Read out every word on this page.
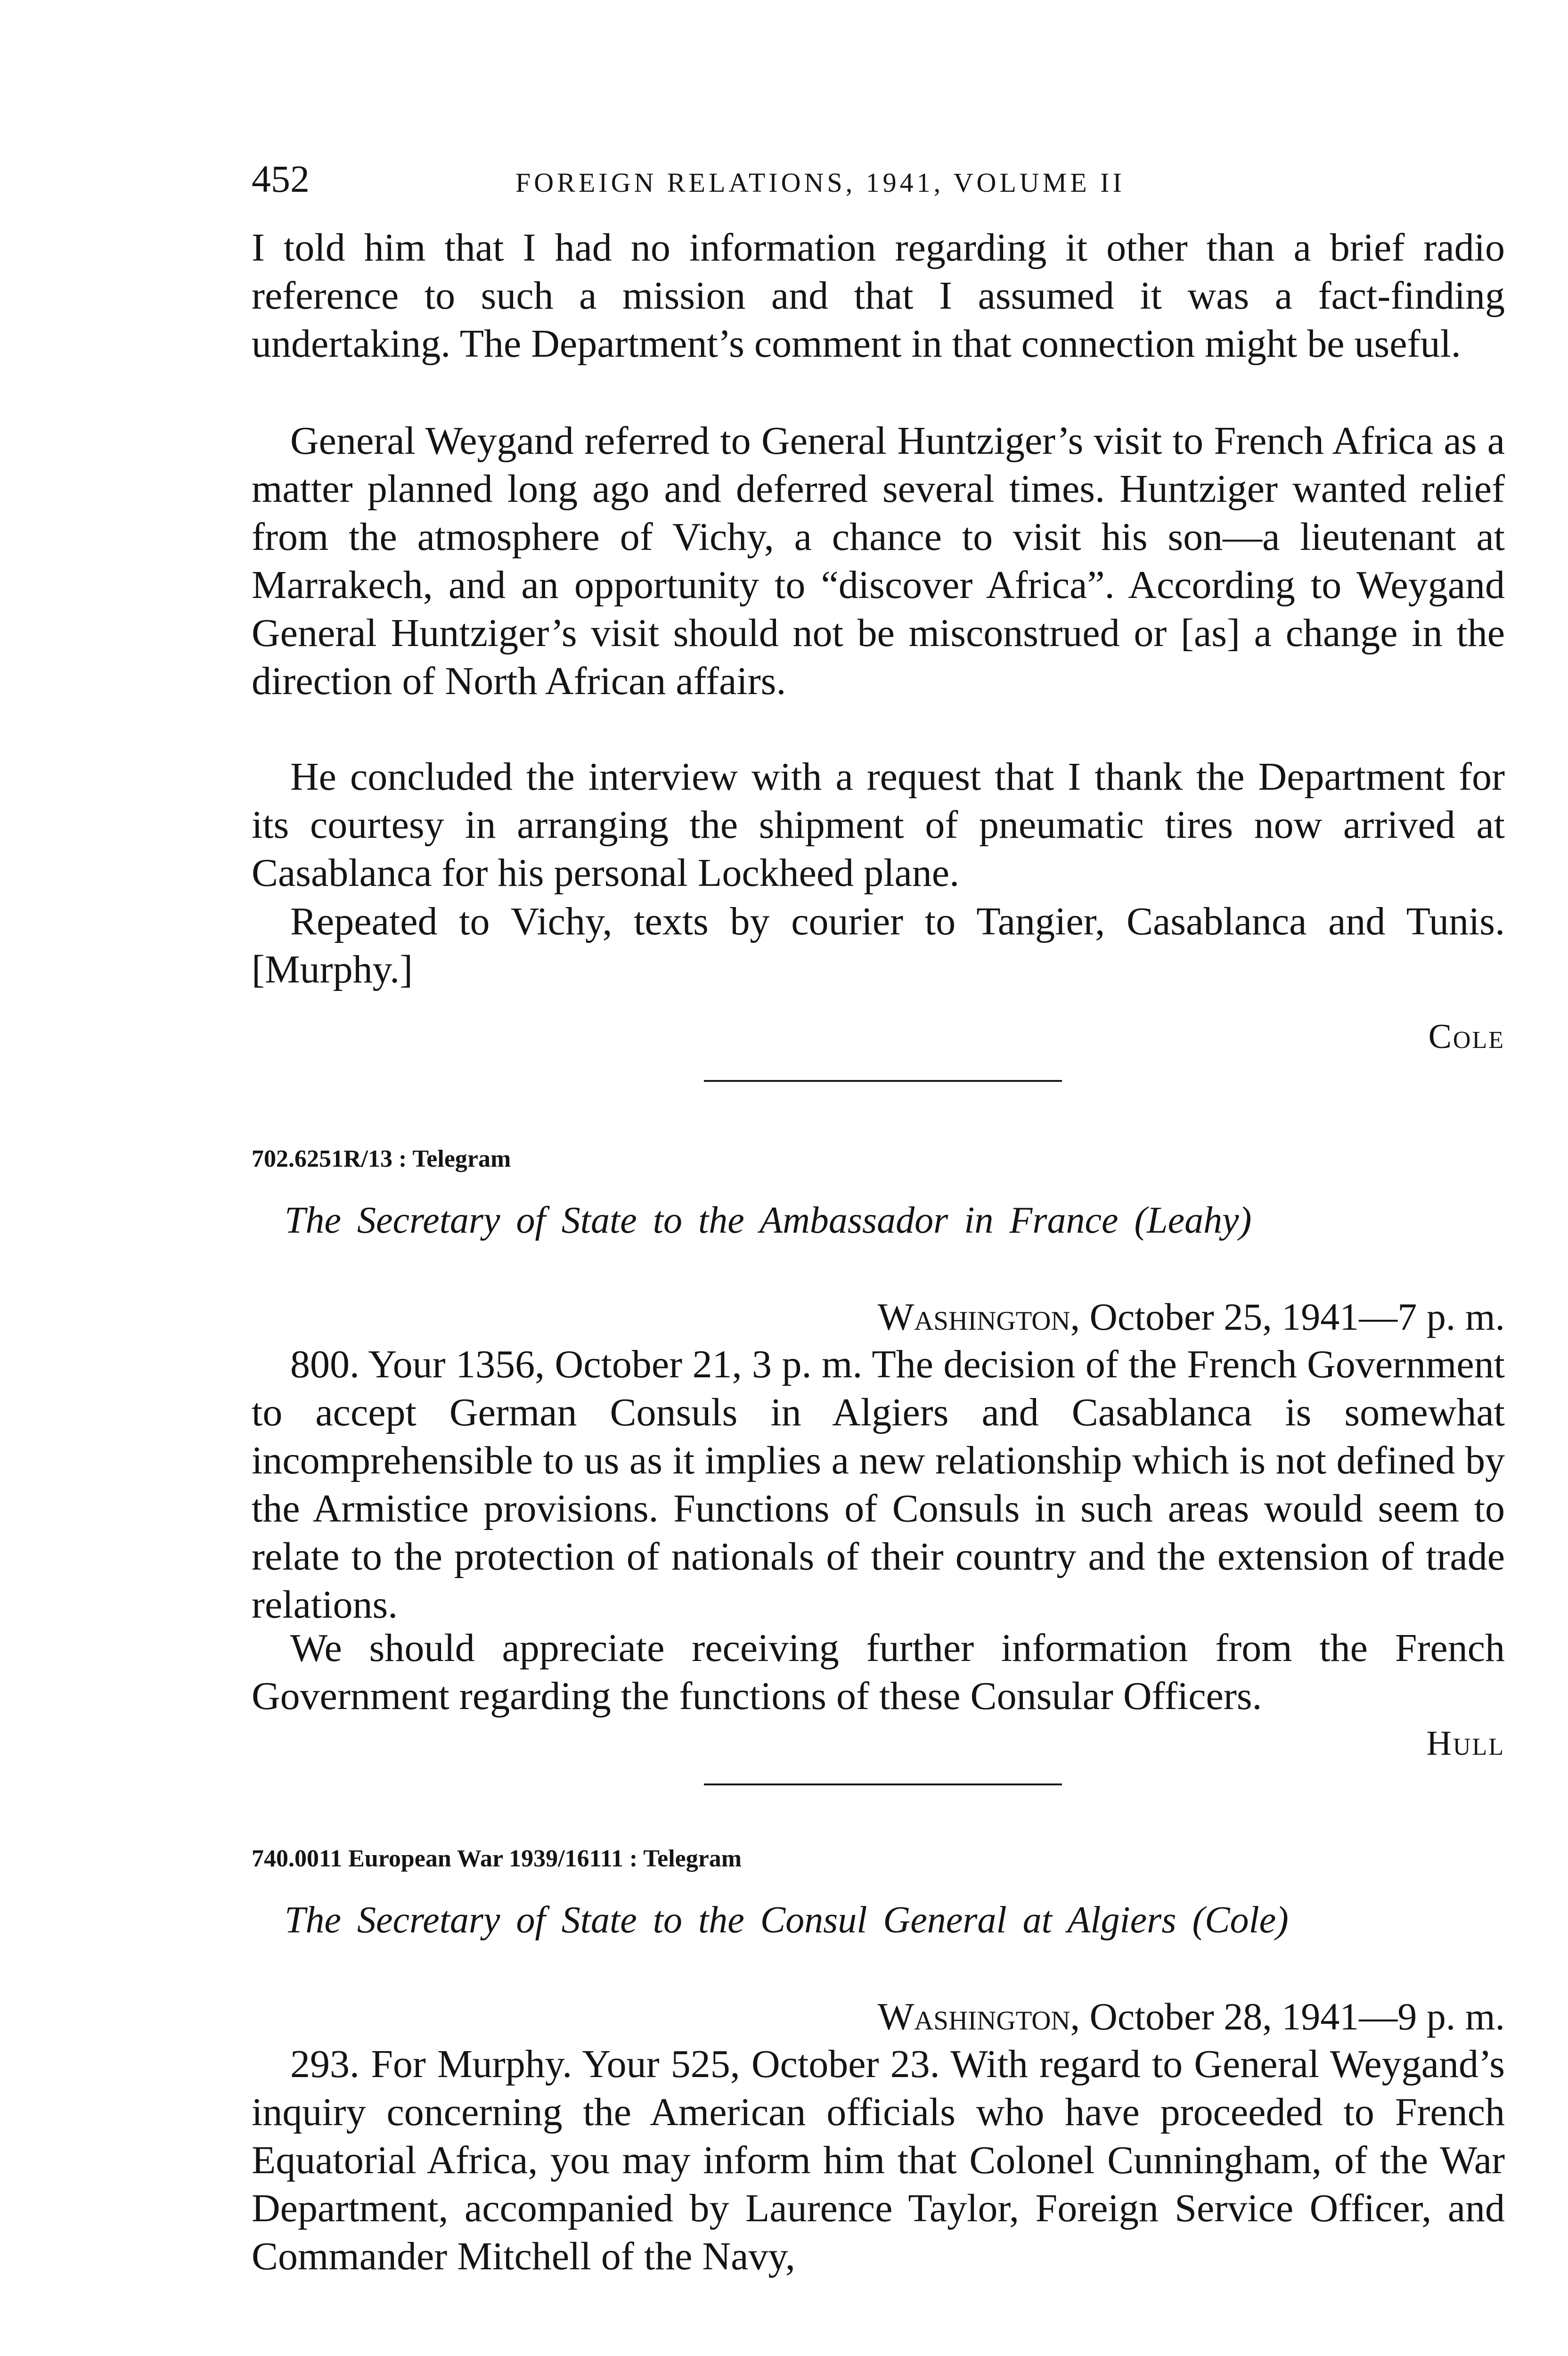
452	FOREIGN RELATIONS, 1941, VOLUME II

I told him that I had no information regarding it other than a brief radio reference to such a mission and that I assumed it was a fact-finding undertaking. The Department’s comment in that connection might be useful.

General Weygand referred to General Huntziger’s visit to French Africa as a matter planned long ago and deferred several times. Huntziger wanted relief from the atmosphere of Vichy, a chance to visit his son—a lieutenant at Marrakech, and an opportunity to “discover Africa”. According to Weygand General Huntziger’s visit should not be misconstrued or [as] a change in the direction of North African affairs.

He concluded the interview with a request that I thank the Department for its courtesy in arranging the shipment of pneumatic tires now arrived at Casablanca for his personal Lockheed plane.

Repeated to Vichy, texts by courier to Tangier, Casablanca and Tunis. [Murphy.]

Cole
702.6251R/13 : Telegram
The Secretary of State to the Ambassador in France (Leahy)
Washington, October 25, 1941—7 p. m.

800. Your 1356, October 21, 3 p. m. The decision of the French Government to accept German Consuls in Algiers and Casablanca is somewhat incomprehensible to us as it implies a new relationship which is not defined by the Armistice provisions. Functions of Consuls in such areas would seem to relate to the protection of nationals of their country and the extension of trade relations.

We should appreciate receiving further information from the French Government regarding the functions of these Consular Officers.

Hull
740.0011 European War 1939/16111 : Telegram
The Secretary of State to the Consul General at Algiers (Cole)
Washington, October 28, 1941—9 p. m.

293. For Murphy. Your 525, October 23. With regard to General Weygand’s inquiry concerning the American officials who have proceeded to French Equatorial Africa, you may inform him that Colonel Cunningham, of the War Department, accompanied by Laurence Taylor, Foreign Service Officer, and Commander Mitchell of the Navy,
